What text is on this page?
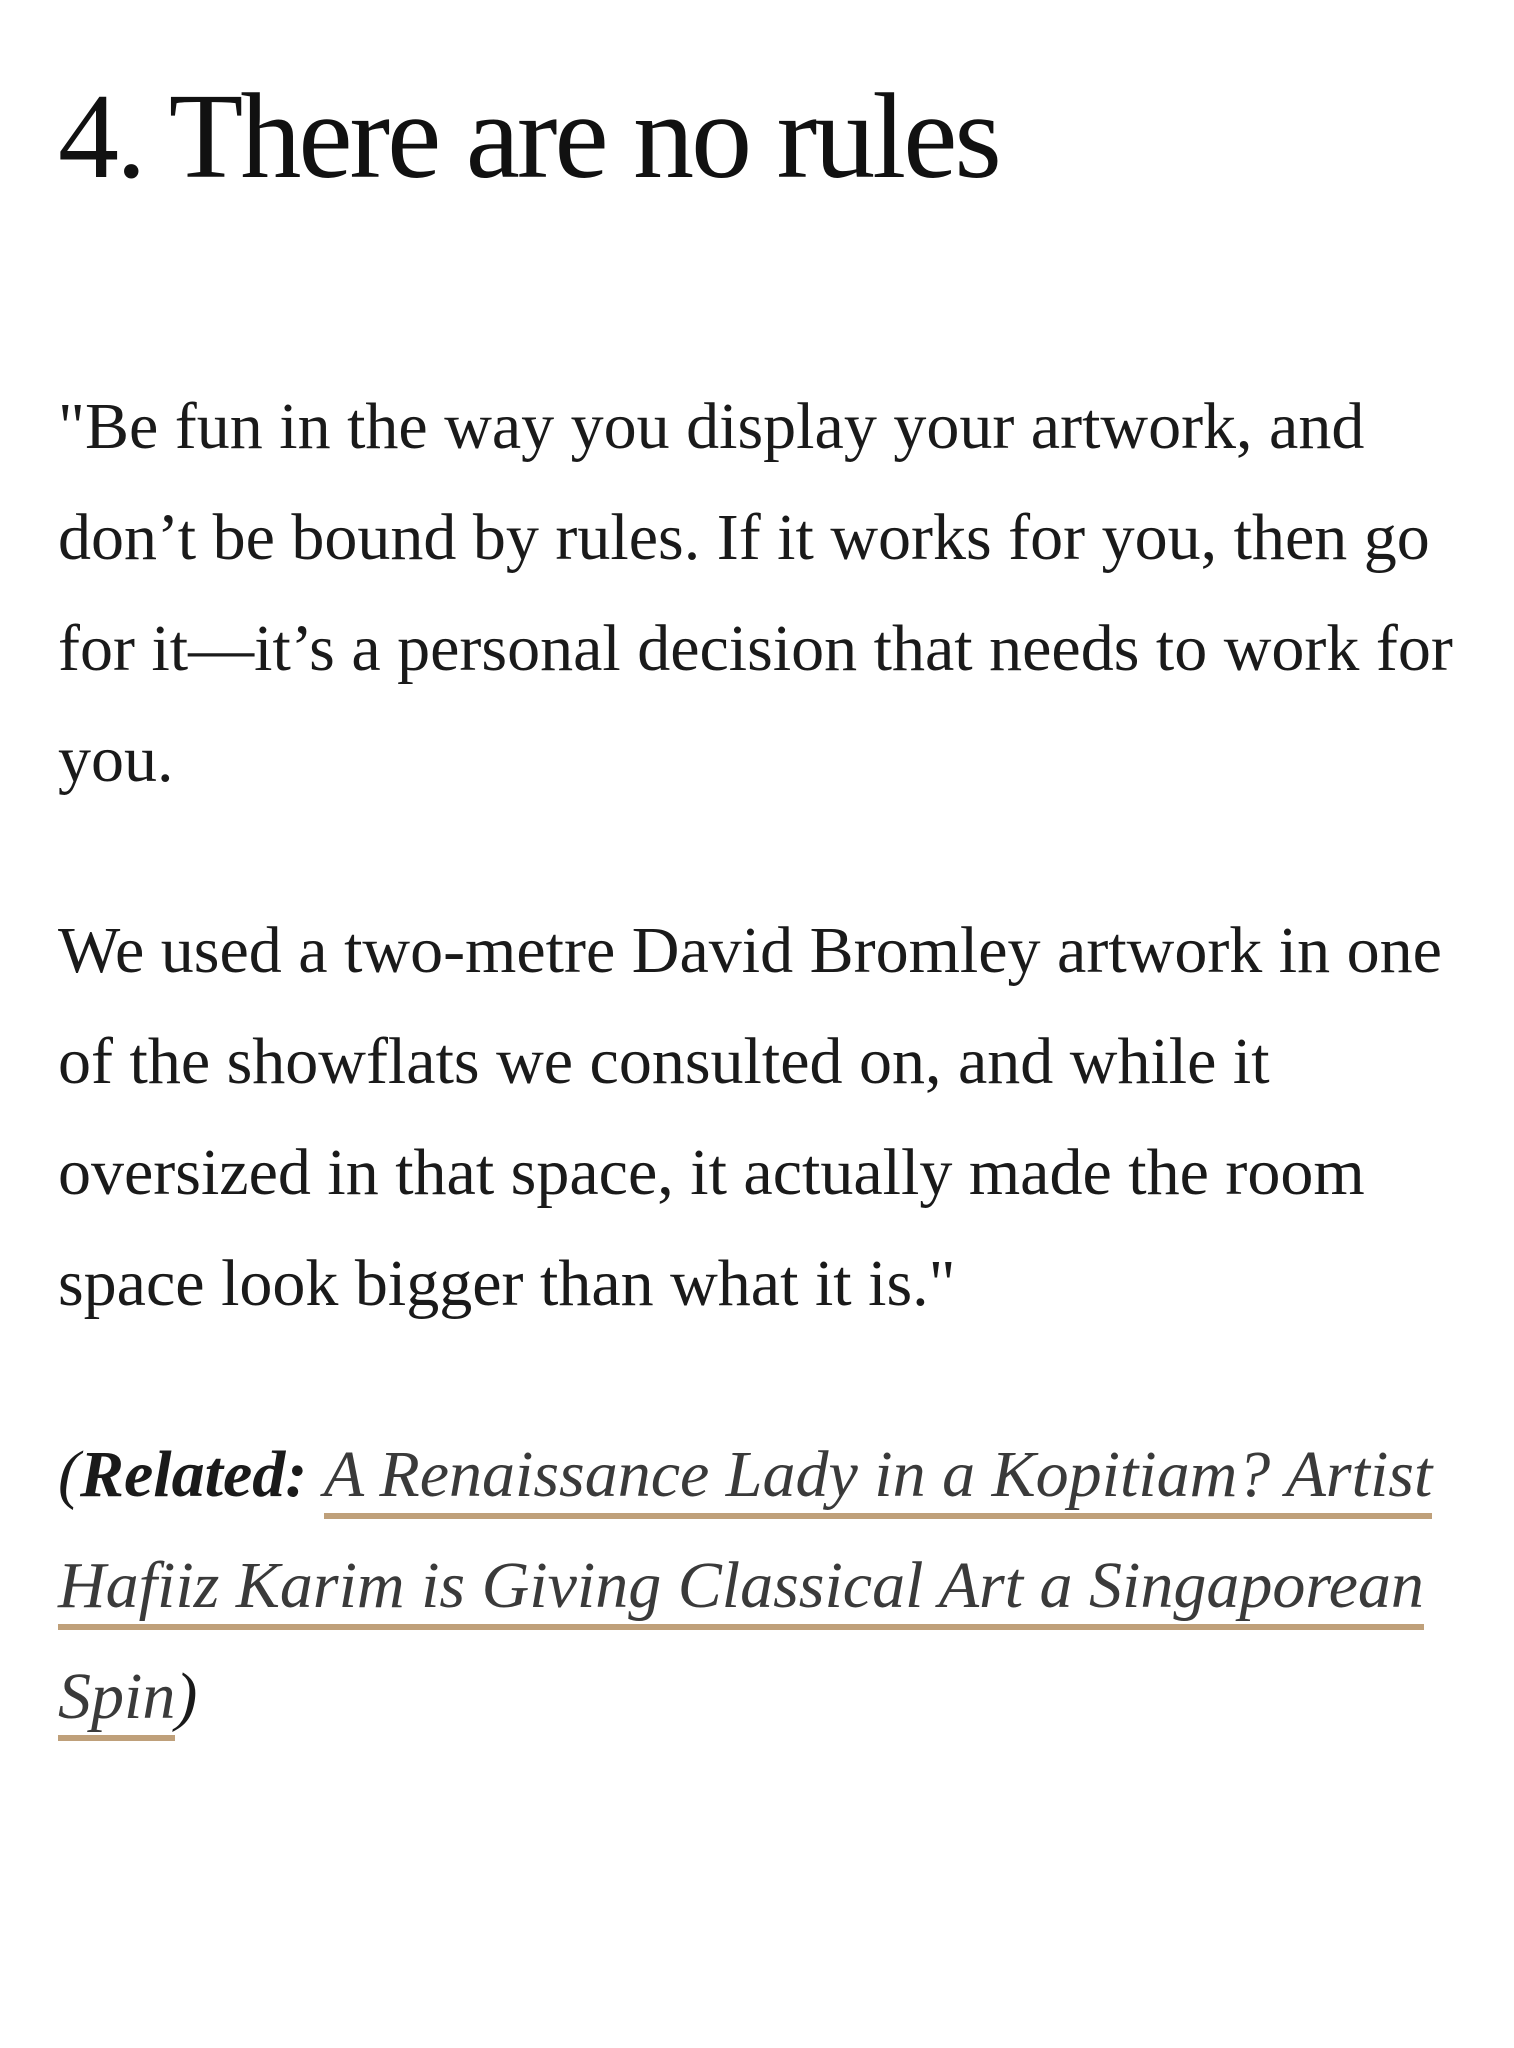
4. There are no rules

"Be fun in the way you display your artwork, and don’t be bound by rules. If it works for you, then go for it—it’s a personal decision that needs to work for you.

We used a two-metre David Bromley artwork in one of the showflats we consulted on, and while it oversized in that space, it actually made the room space look bigger than what it is."

(Related: A Renaissance Lady in a Kopitiam? Artist Hafiiz Karim is Giving Classical Art a Singaporean Spin)
